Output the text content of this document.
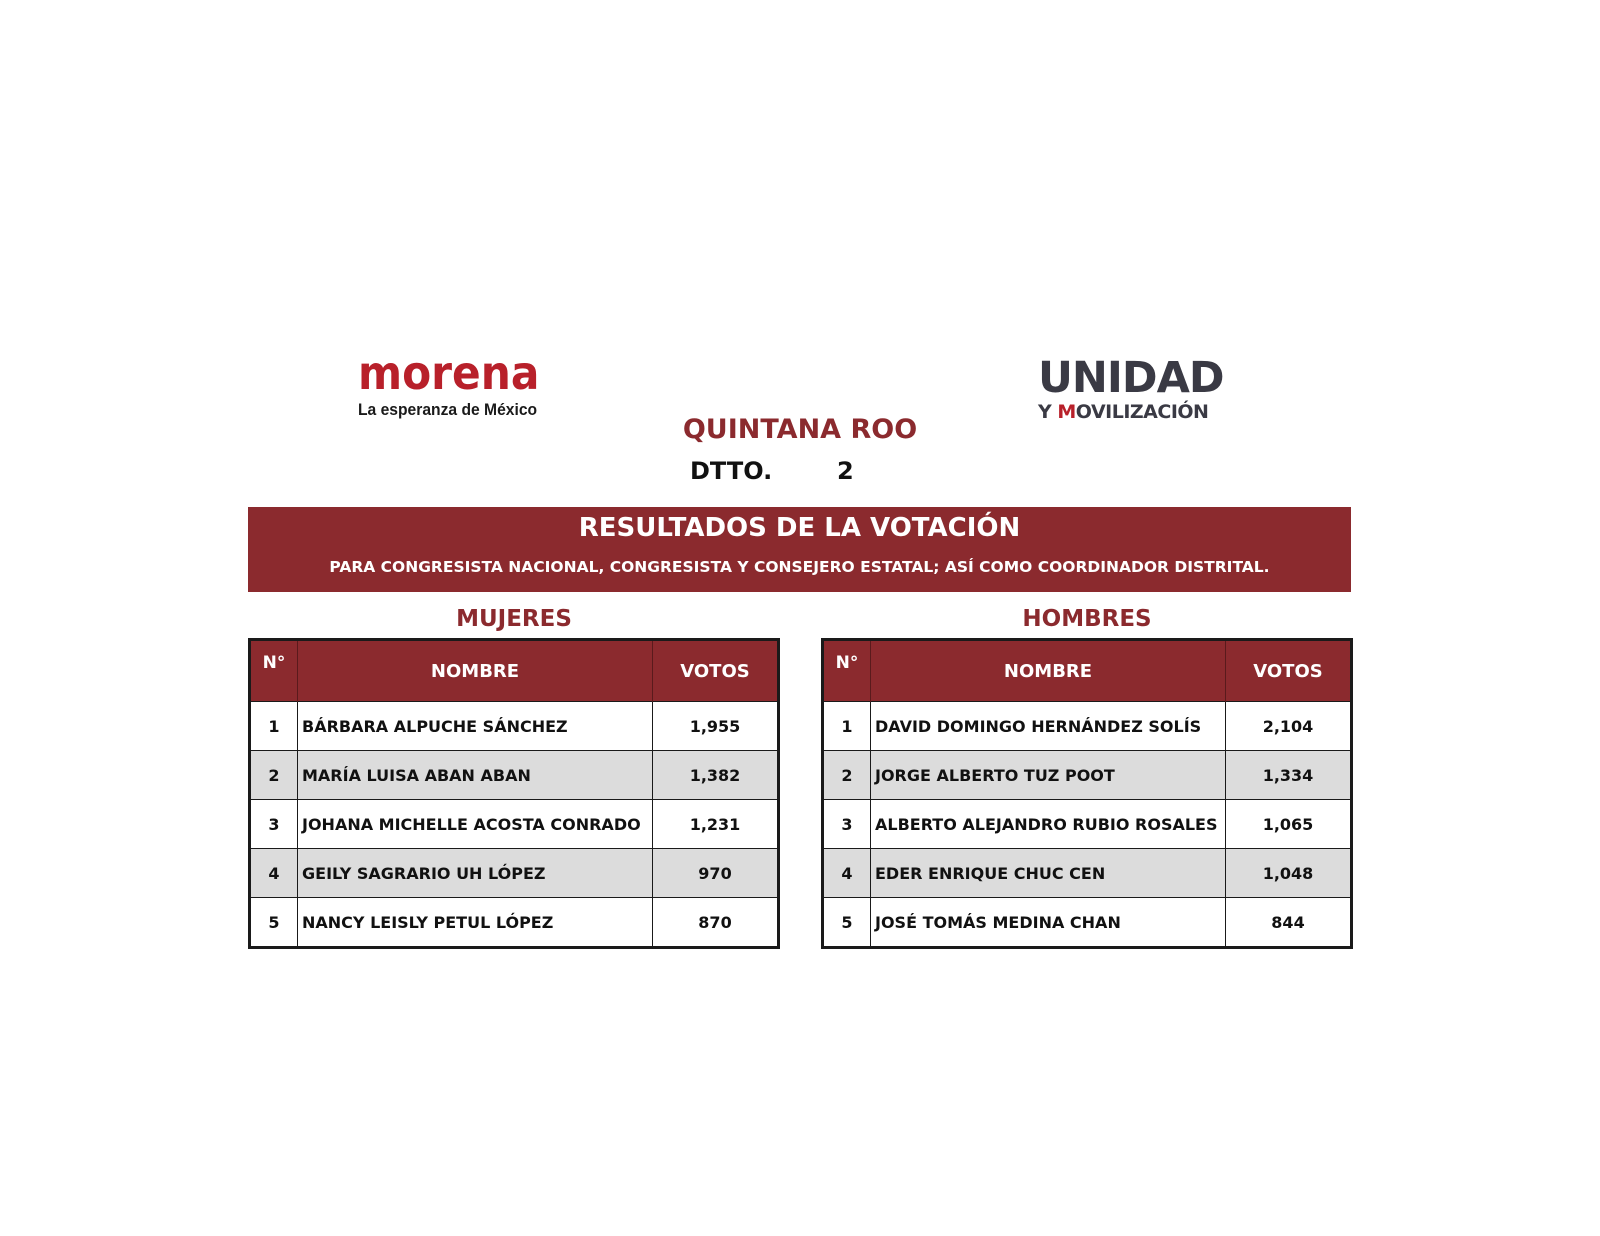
morena
La esperanza de México
UNIDAD
Y MOVILIZACIÓN
QUINTANA ROO
DTTO.	2
RESULTADOS DE LA VOTACIÓN
PARA CONGRESISTA NACIONAL, CONGRESISTA Y CONSEJERO ESTATAL; ASÍ COMO COORDINADOR DISTRITAL.
MUJERES	HOMBRES
N°	NOMBRE	VOTOS
1	BÁRBARA ALPUCHE SÁNCHEZ	1,955
2	MARÍA LUISA ABAN ABAN	1,382
3	JOHANA MICHELLE ACOSTA CONRADO	1,231
4	GEILY SAGRARIO UH LÓPEZ	970
5	NANCY LEISLY PETUL LÓPEZ	870
N°	NOMBRE	VOTOS
1	DAVID DOMINGO HERNÁNDEZ SOLÍS	2,104
2	JORGE ALBERTO TUZ POOT	1,334
3	ALBERTO ALEJANDRO RUBIO ROSALES	1,065
4	EDER ENRIQUE CHUC CEN	1,048
5	JOSÉ TOMÁS MEDINA CHAN	844
